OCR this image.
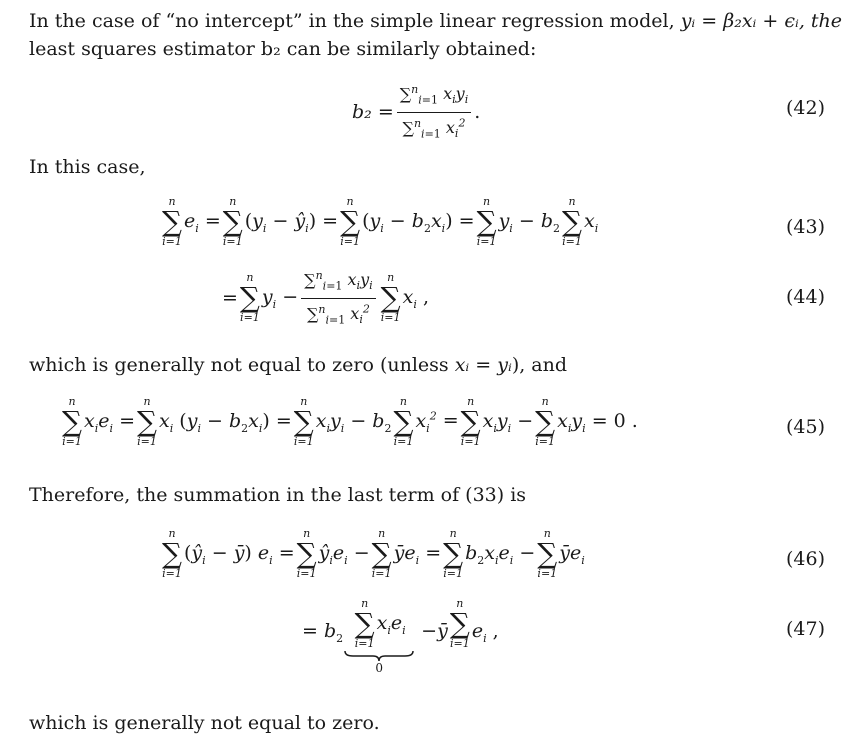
In the case of “no intercept” in the simple linear regression model, yᵢ = β₂xᵢ + ϵᵢ, the
least squares estimator b₂ can be similarly obtained:
$b_2 = \frac{\sum^n_{i=1} x_iy_i}{\sum^n_{i=1} x_i^2}$ .	(42)
In this case,
n
∑
i=1
$e_i$ =
n
∑
i=1
($y_i$ − $ŷ_i$) =
n
∑
i=1
$(y_i - b_2x_i)$ =
n
∑
i=1
$y_i - b_2$
n
∑
i=1
$x_i$	(43)
=
n
∑
i=1
$y_i - \frac{\sum^n_{i=1} x_iy_i}{\sum^n_{i=1} x_i^2}$ n
∑
i=1
$x_i$ ,	(44)
which is generally not equal to zero (unless xᵢ = yᵢ), and
n
∑
i=1
$x_ie_i$ =
n
∑
i=1
$x_i$ $(y_i - b_2x_i)$ =
n
∑
i=1
$x_iy_i - b_2$
n
∑
i=1
$x_i^2$ =
n
∑
i=1
$x_iy_i$ −
n
∑
i=1
$x_iy_i = 0$ .	(45)
Therefore, the summation in the last term of (33) is
n
∑
i=1
($ŷ_i$ − ȳ) $e_i$ =
n
∑
i=1
$ŷ_ie_i$ −
n
∑
i=1
$ȳe_i$ =
n
∑
i=1
$b_2x_ie_i$ −
n
∑
i=1
$ȳe_i$	(46)
= $b_2$
n
∑
i=1
$x_ie_i$
0
−ȳ
n
∑
i=1
$e_i$ ,	(47)
which is generally not equal to zero.
